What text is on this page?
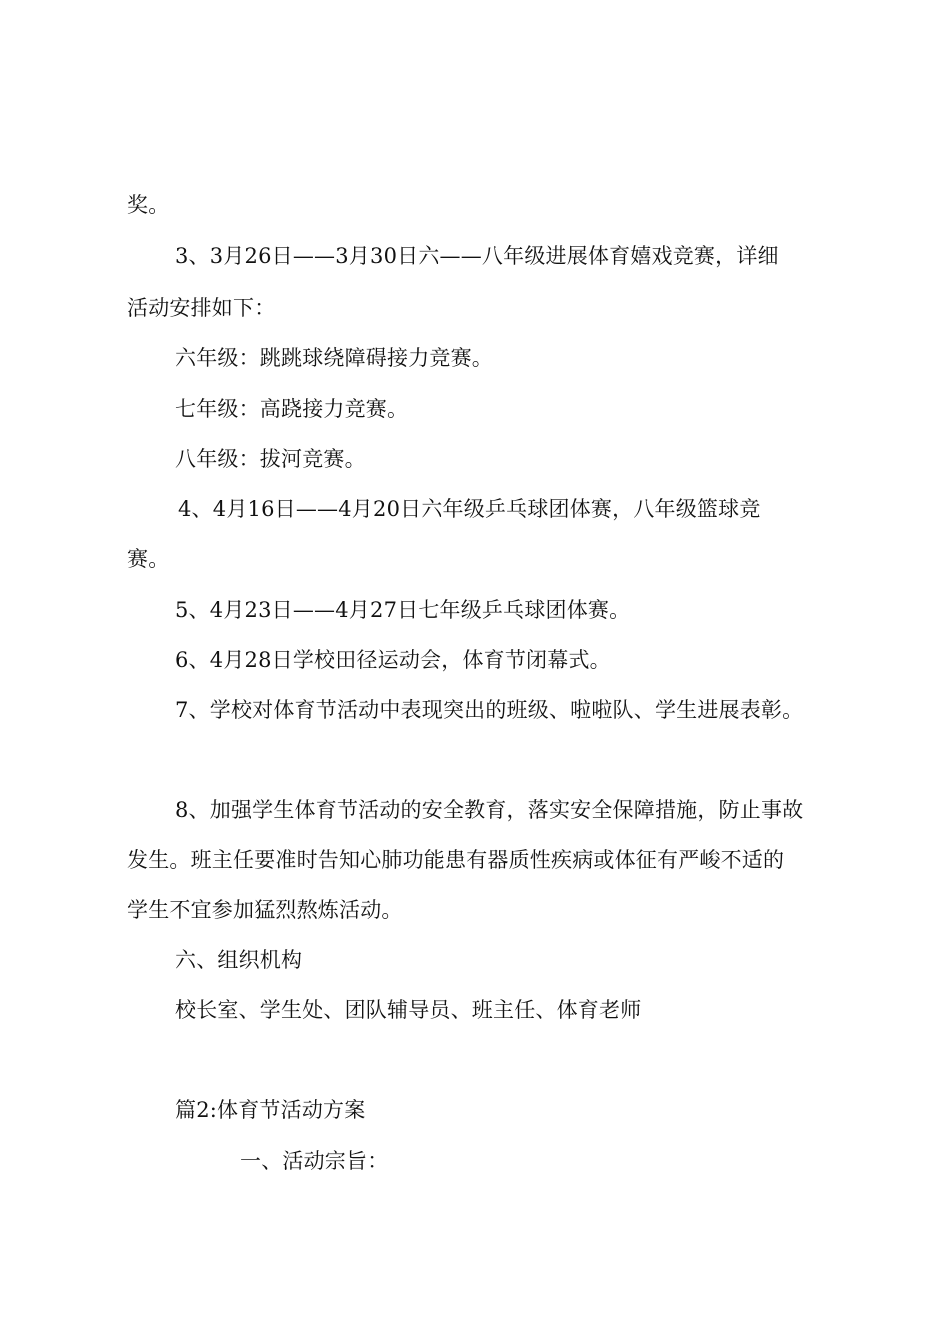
奖。
3、3月26日——3月30日六——八年级进展体育嬉戏竞赛，详细
活动安排如下：
六年级：跳跳球绕障碍接力竞赛。
七年级：高跷接力竞赛。
八年级：拔河竞赛。
4、4月16日——4月20日六年级乒乓球团体赛，八年级篮球竞
赛。
5、4月23日——4月27日七年级乒乓球团体赛。
6、4月28日学校田径运动会，体育节闭幕式。
7、学校对体育节活动中表现突出的班级、啦啦队、学生进展表彰。
8、加强学生体育节活动的安全教育，落实安全保障措施，防止事故
发生。班主任要准时告知心肺功能患有器质性疾病或体征有严峻不适的
学生不宜参加猛烈熬炼活动。
六、组织机构
校长室、学生处、团队辅导员、班主任、体育老师
篇2:体育节活动方案
一、活动宗旨：
